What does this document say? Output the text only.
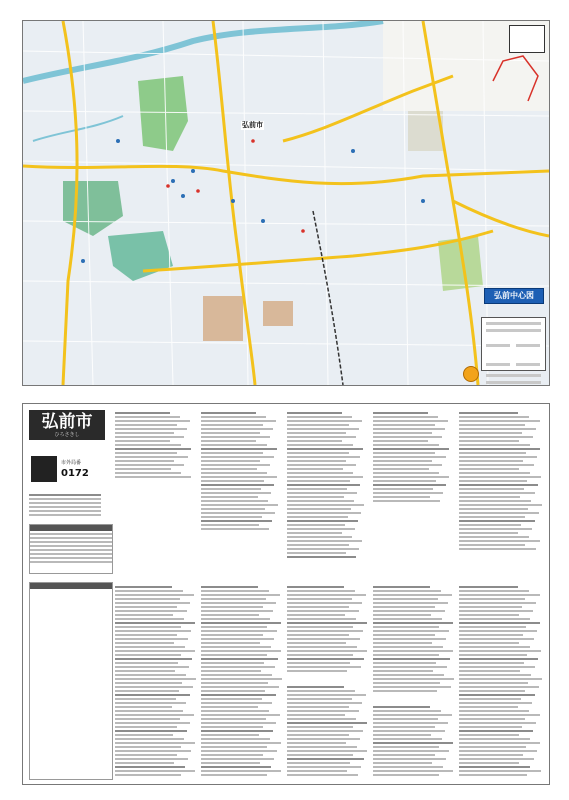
弘前市
弘前中心図

弘前市
ひろさきし
市外局番
0172
